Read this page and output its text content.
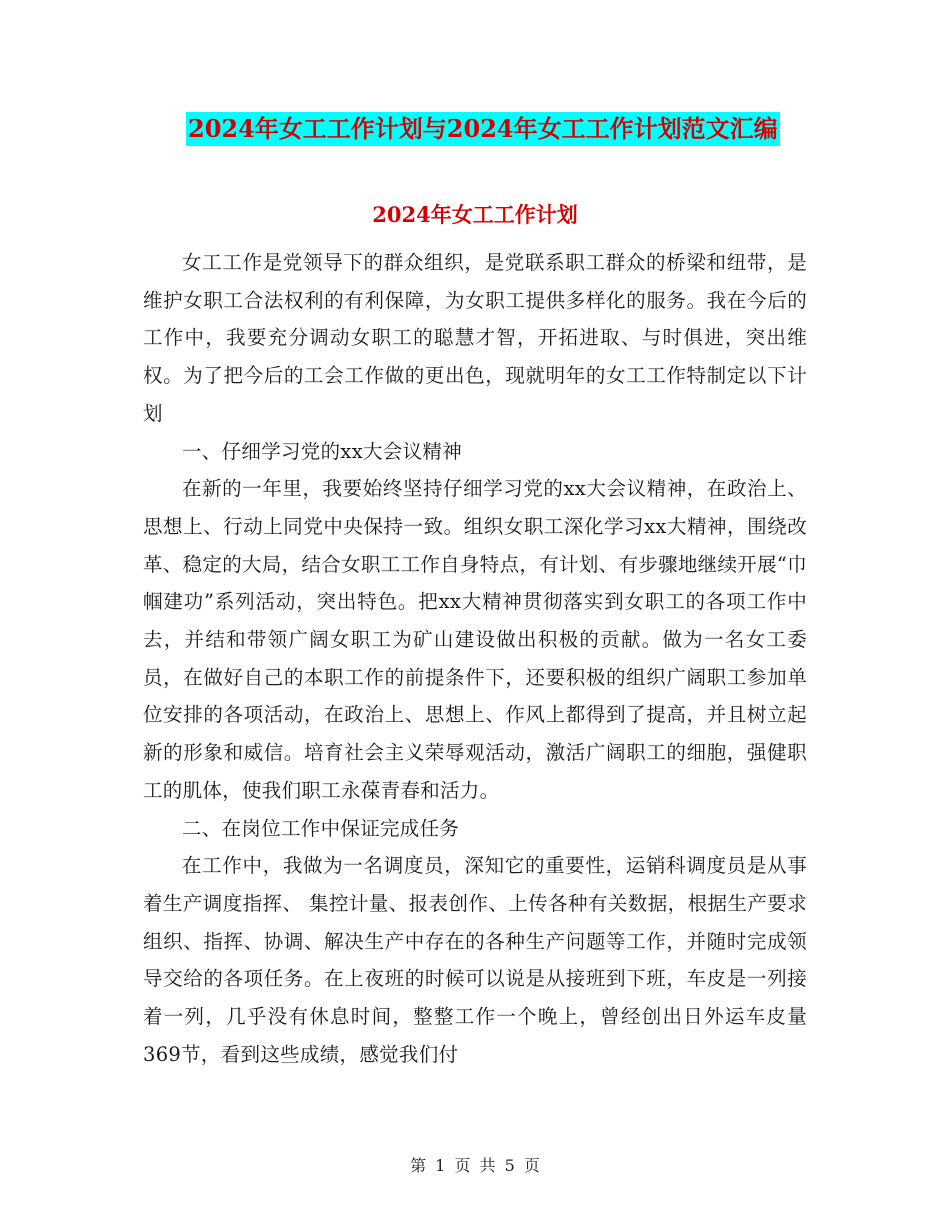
2024年女工工作计划与2024年女工工作计划范文汇编
2024年女工工作计划

女工工作是党领导下的群众组织，是党联系职工群众的桥梁和纽带，是维护女职工合法权利的有利保障，为女职工提供多样化的服务。我在今后的工作中，我要充分调动女职工的聪慧才智，开拓进取、与时俱进，突出维权。为了把今后的工会工作做的更出色，现就明年的女工工作特制定以下计划

一、仔细学习党的xx大会议精神

在新的一年里，我要始终坚持仔细学习党的xx大会议精神，在政治上、思想上、行动上同党中央保持一致。组织女职工深化学习xx大精神，围绕改革、稳定的大局，结合女职工工作自身特点，有计划、有步骤地继续开展“巾帼建功”系列活动，突出特色。把xx大精神贯彻落实到女职工的各项工作中去，并结和带领广阔女职工为矿山建设做出积极的贡献。做为一名女工委员，在做好自己的本职工作的前提条件下，还要积极的组织广阔职工参加单位安排的各项活动，在政治上、思想上、作风上都得到了提高，并且树立起新的形象和威信。培育社会主义荣辱观活动，激活广阔职工的细胞，强健职工的肌体，使我们职工永葆青春和活力。

二、在岗位工作中保证完成任务

在工作中，我做为一名调度员，深知它的重要性，运销科调度员是从事着生产调度指挥、 集控计量、报表创作、上传各种有关数据，根据生产要求组织、指挥、协调、解决生产中存在的各种生产问题等工作，并随时完成领导交给的各项任务。在上夜班的时候可以说是从接班到下班，车皮是一列接着一列，几乎没有休息时间，整整工作一个晚上，曾经创出日外运车皮量369节，看到这些成绩，感觉我们付

第 1 页 共 5 页
